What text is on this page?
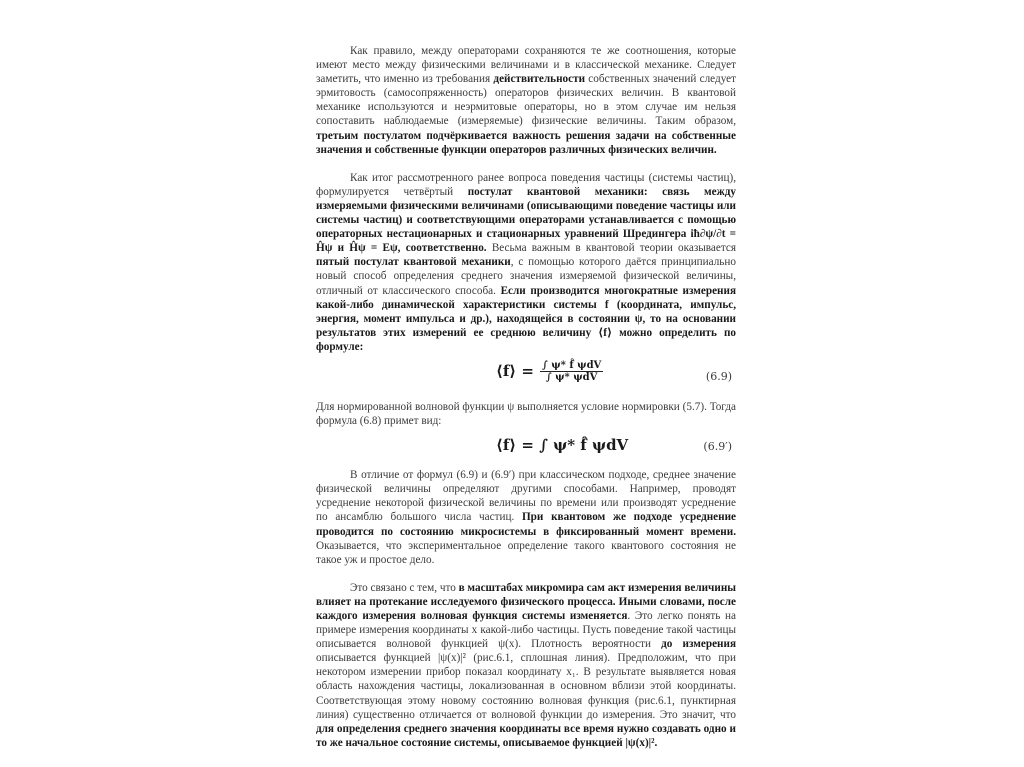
Как правило, между операторами сохраняются те же соотношения, которые имеют место между физическими величинами и в классической механике. Следует заметить, что именно из требования действительности собственных значений следует эрмитовость (самосопряженность) операторов физических величин. В квантовой механике используются и неэрмитовые операторы, но в этом случае им нельзя сопоставить наблюдаемые (измеряемые) физические величины. Таким образом, третьим постулатом подчёркивается важность решения задачи на собственные значения и собственные функции операторов различных физических величин.

Как итог рассмотренного ранее вопроса поведения частицы (системы частиц), формулируется четвёртый постулат квантовой механики: связь между измеряемыми физическими величинами (описывающими поведение частицы или системы частиц) и соответствующими операторами устанавливается с помощью операторных нестационарных и стационарных уравнений Шредингера iħ∂ψ/∂t = Ĥψ и Ĥψ = Eψ, соответственно. Весьма важным в квантовой теории оказывается пятый постулат квантовой механики, с помощью которого даётся принципиально новый способ определения среднего значения измеряемой физической величины, отличный от классического способа. Если производится многократные измерения какой-либо динамической характеристики системы f (координата, импульс, энергия, момент импульса и др.), находящейся в состоянии ψ, то на основании результатов этих измерений ее среднюю величину ⟨f⟩ можно определить по формуле:

⟨f⟩ = $\frac{\text{∫ ψ* f̂ ψdV}}{\text{∫ ψ* ψdV}}$	(6.9)

Для нормированной волновой функции ψ выполняется условие нормировки (5.7). Тогда формула (6.8) примет вид:

⟨f⟩ = ∫ ψ* f̂ ψdV	(6.9′)

В отличие от формул (6.9) и (6.9′) при классическом подходе, среднее значение физической величины определяют другими способами. Например, проводят усреднение некоторой физической величины по времени или производят усреднение по ансамблю большого числа частиц. При квантовом же подходе усреднение проводится по состоянию микросистемы в фиксированный момент времени. Оказывается, что экспериментальное определение такого квантового состояния не такое уж и простое дело.

Это связано с тем, что в масштабах микромира сам акт измерения величины влияет на протекание исследуемого физического процесса. Иными словами, после каждого измерения волновая функция системы изменяется. Это легко понять на примере измерения координаты x какой-либо частицы. Пусть поведение такой частицы описывается волновой функцией ψ(x). Плотность вероятности до измерения описывается функцией |ψ(x)|² (рис.6.1, сплошная линия). Предположим, что при некотором измерении прибор показал координату x₁. В результате выявляется новая область нахождения частицы, локализованная в основном вблизи этой координаты. Соответствующая этому новому состоянию волновая функция (рис.6.1, пунктирная линия) существенно отличается от волновой функции до измерения. Это значит, что для определения среднего значения координаты все время нужно создавать одно и то же начальное состояние системы, описываемое функцией |ψ(x)|².
